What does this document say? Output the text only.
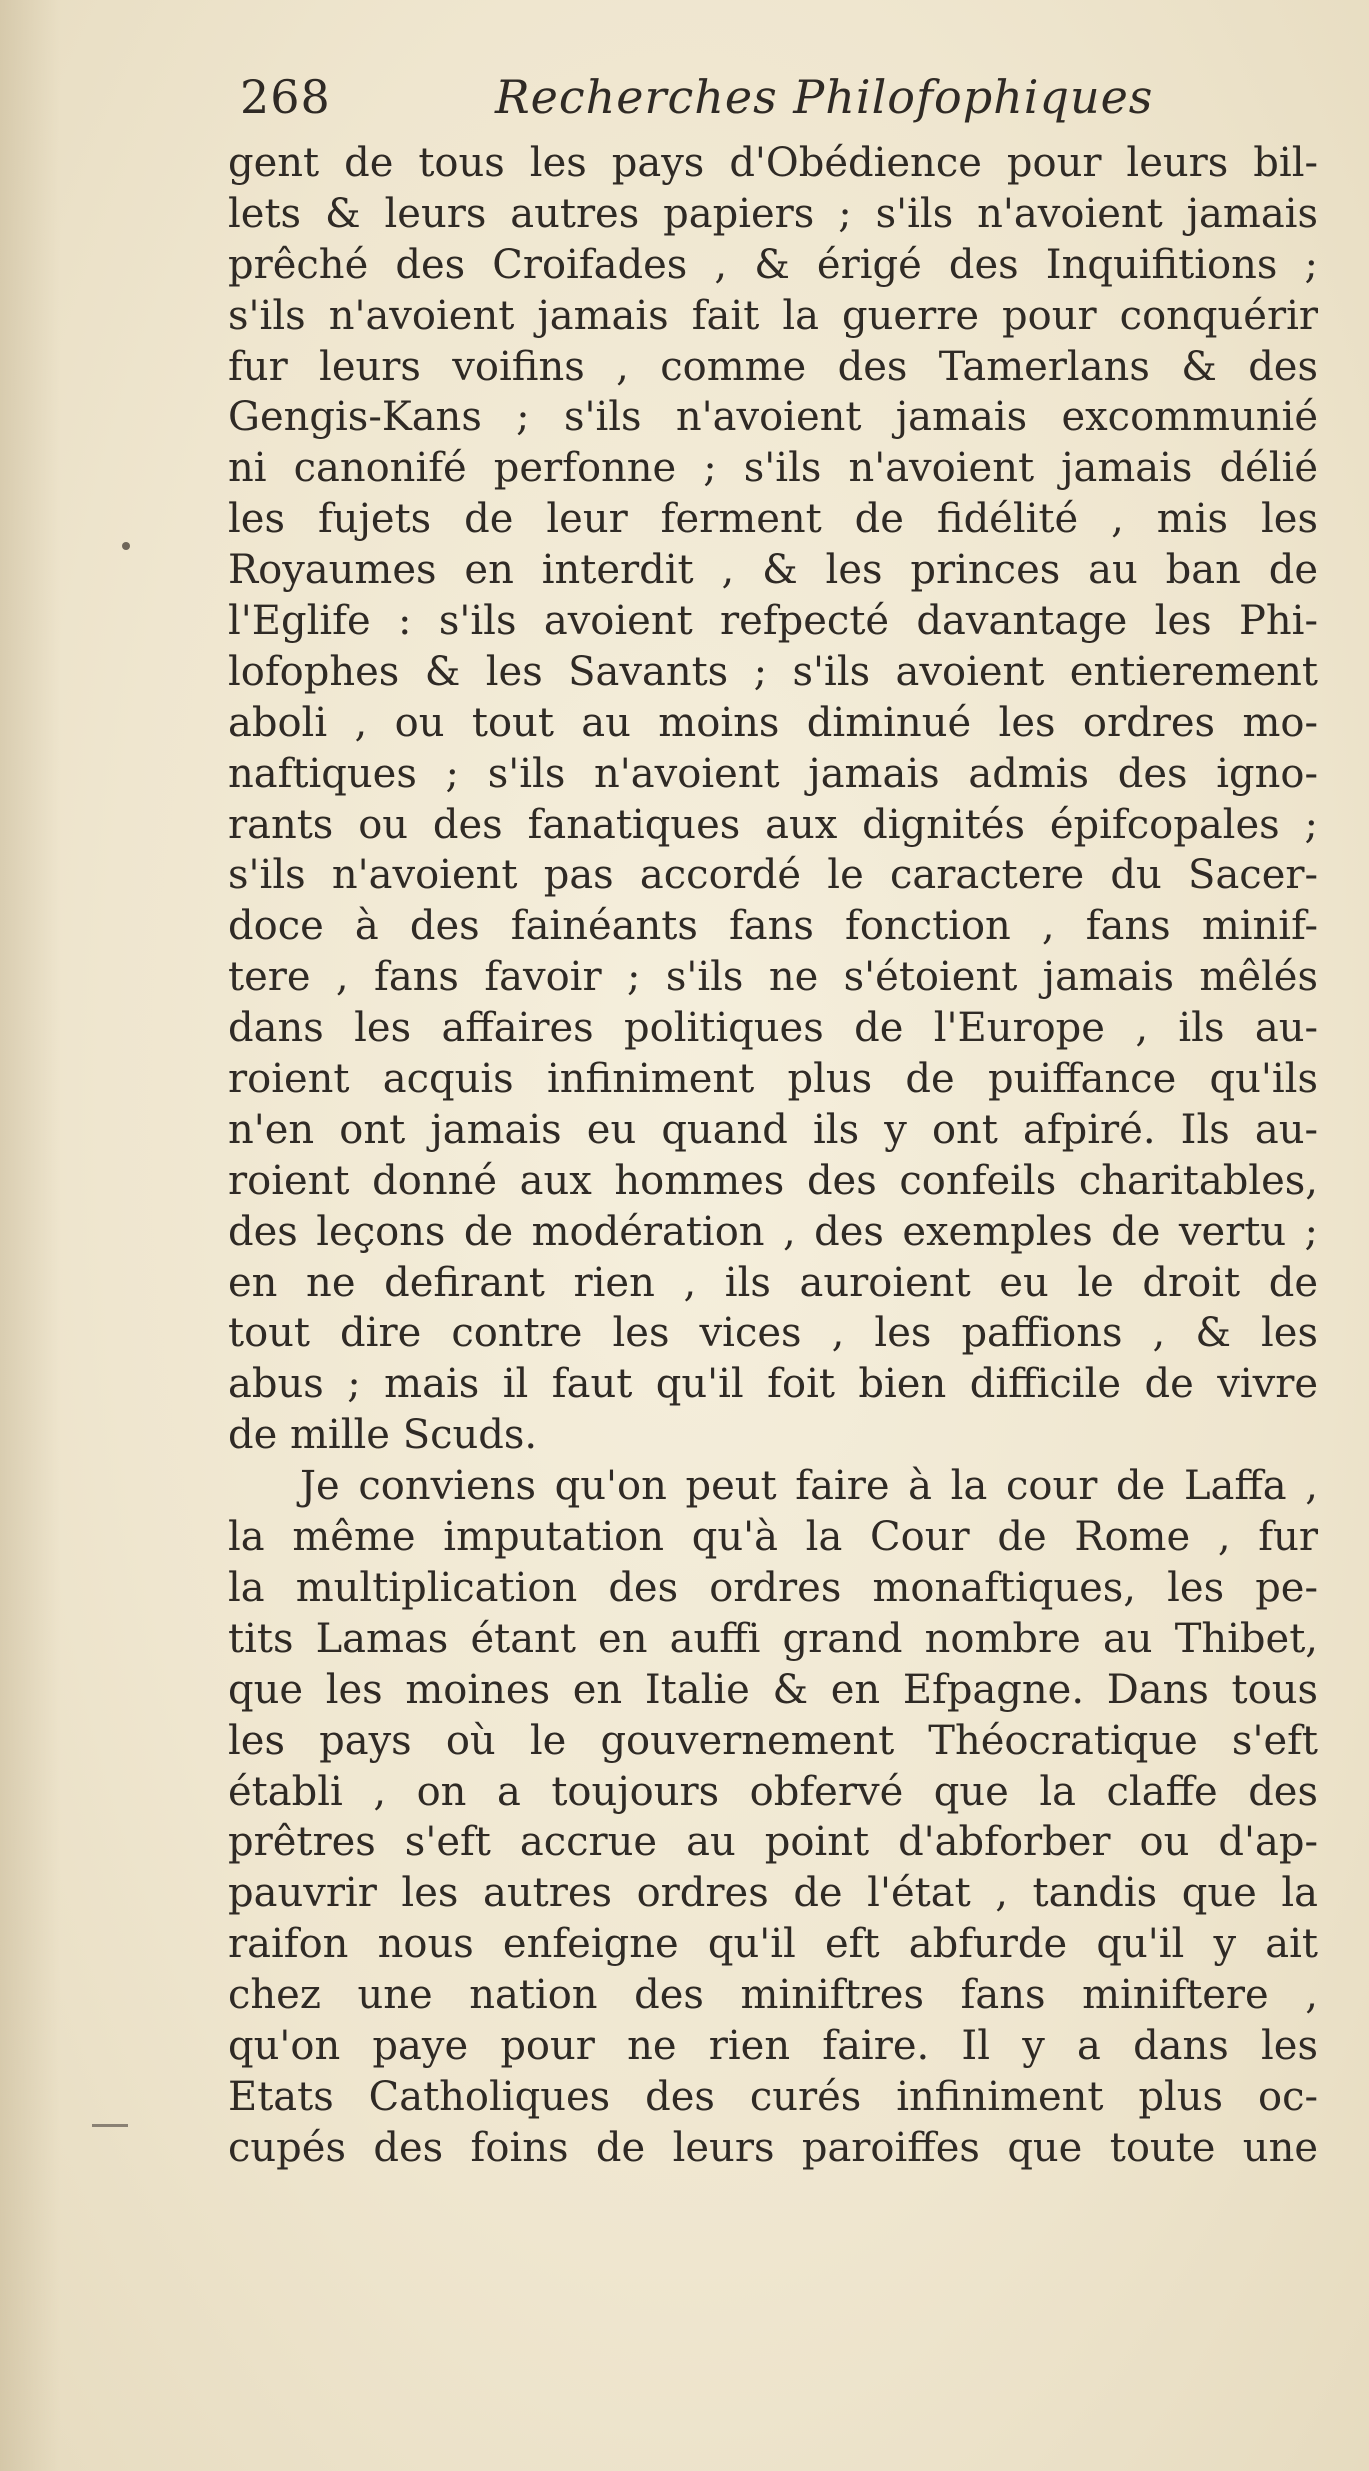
268	Recherches Philofophiques
gent de tous les pays d'Obédience pour leurs bil-
lets & leurs autres papiers ; s'ils n'avoient jamais
prêché des Croifades , & érigé des Inquifitions ;
s'ils n'avoient jamais fait la guerre pour conquérir
fur leurs voifins , comme des Tamerlans & des
Gengis-Kans ; s'ils n'avoient jamais excommunié
ni canonifé perfonne ; s'ils n'avoient jamais délié
les fujets de leur ferment de fidélité , mis les
Royaumes en interdit , & les princes au ban de
l'Eglife : s'ils avoient refpecté davantage les Phi-
lofophes & les Savants ; s'ils avoient entierement
aboli , ou tout au moins diminué les ordres mo-
naftiques ; s'ils n'avoient jamais admis des igno-
rants ou des fanatiques aux dignités épifcopales ;
s'ils n'avoient pas accordé le caractere du Sacer-
doce à des fainéants fans fonction , fans minif-
tere , fans favoir ; s'ils ne s'étoient jamais mêlés
dans les affaires politiques de l'Europe , ils au-
roient acquis infiniment plus de puiffance qu'ils
n'en ont jamais eu quand ils y ont afpiré. Ils au-
roient donné aux hommes des confeils charitables,
des leçons de modération , des exemples de vertu ;
en ne defirant rien , ils auroient eu le droit de
tout dire contre les vices , les paffions , & les
abus ; mais il faut qu'il foit bien difficile de vivre
de mille Scuds.
Je conviens qu'on peut faire à la cour de Laffa ,
la même imputation qu'à la Cour de Rome , fur
la multiplication des ordres monaftiques, les pe-
tits Lamas étant en auffi grand nombre au Thibet,
que les moines en Italie & en Efpagne. Dans tous
les pays où le gouvernement Théocratique s'eft
établi , on a toujours obfervé que la claffe des
prêtres s'eft accrue au point d'abforber ou d'ap-
pauvrir les autres ordres de l'état , tandis que la
raifon nous enfeigne qu'il eft abfurde qu'il y ait
chez une nation des miniftres fans miniftere ,
qu'on paye pour ne rien faire. Il y a dans les
Etats Catholiques des curés infiniment plus oc-
cupés des foins de leurs paroiffes que toute une
